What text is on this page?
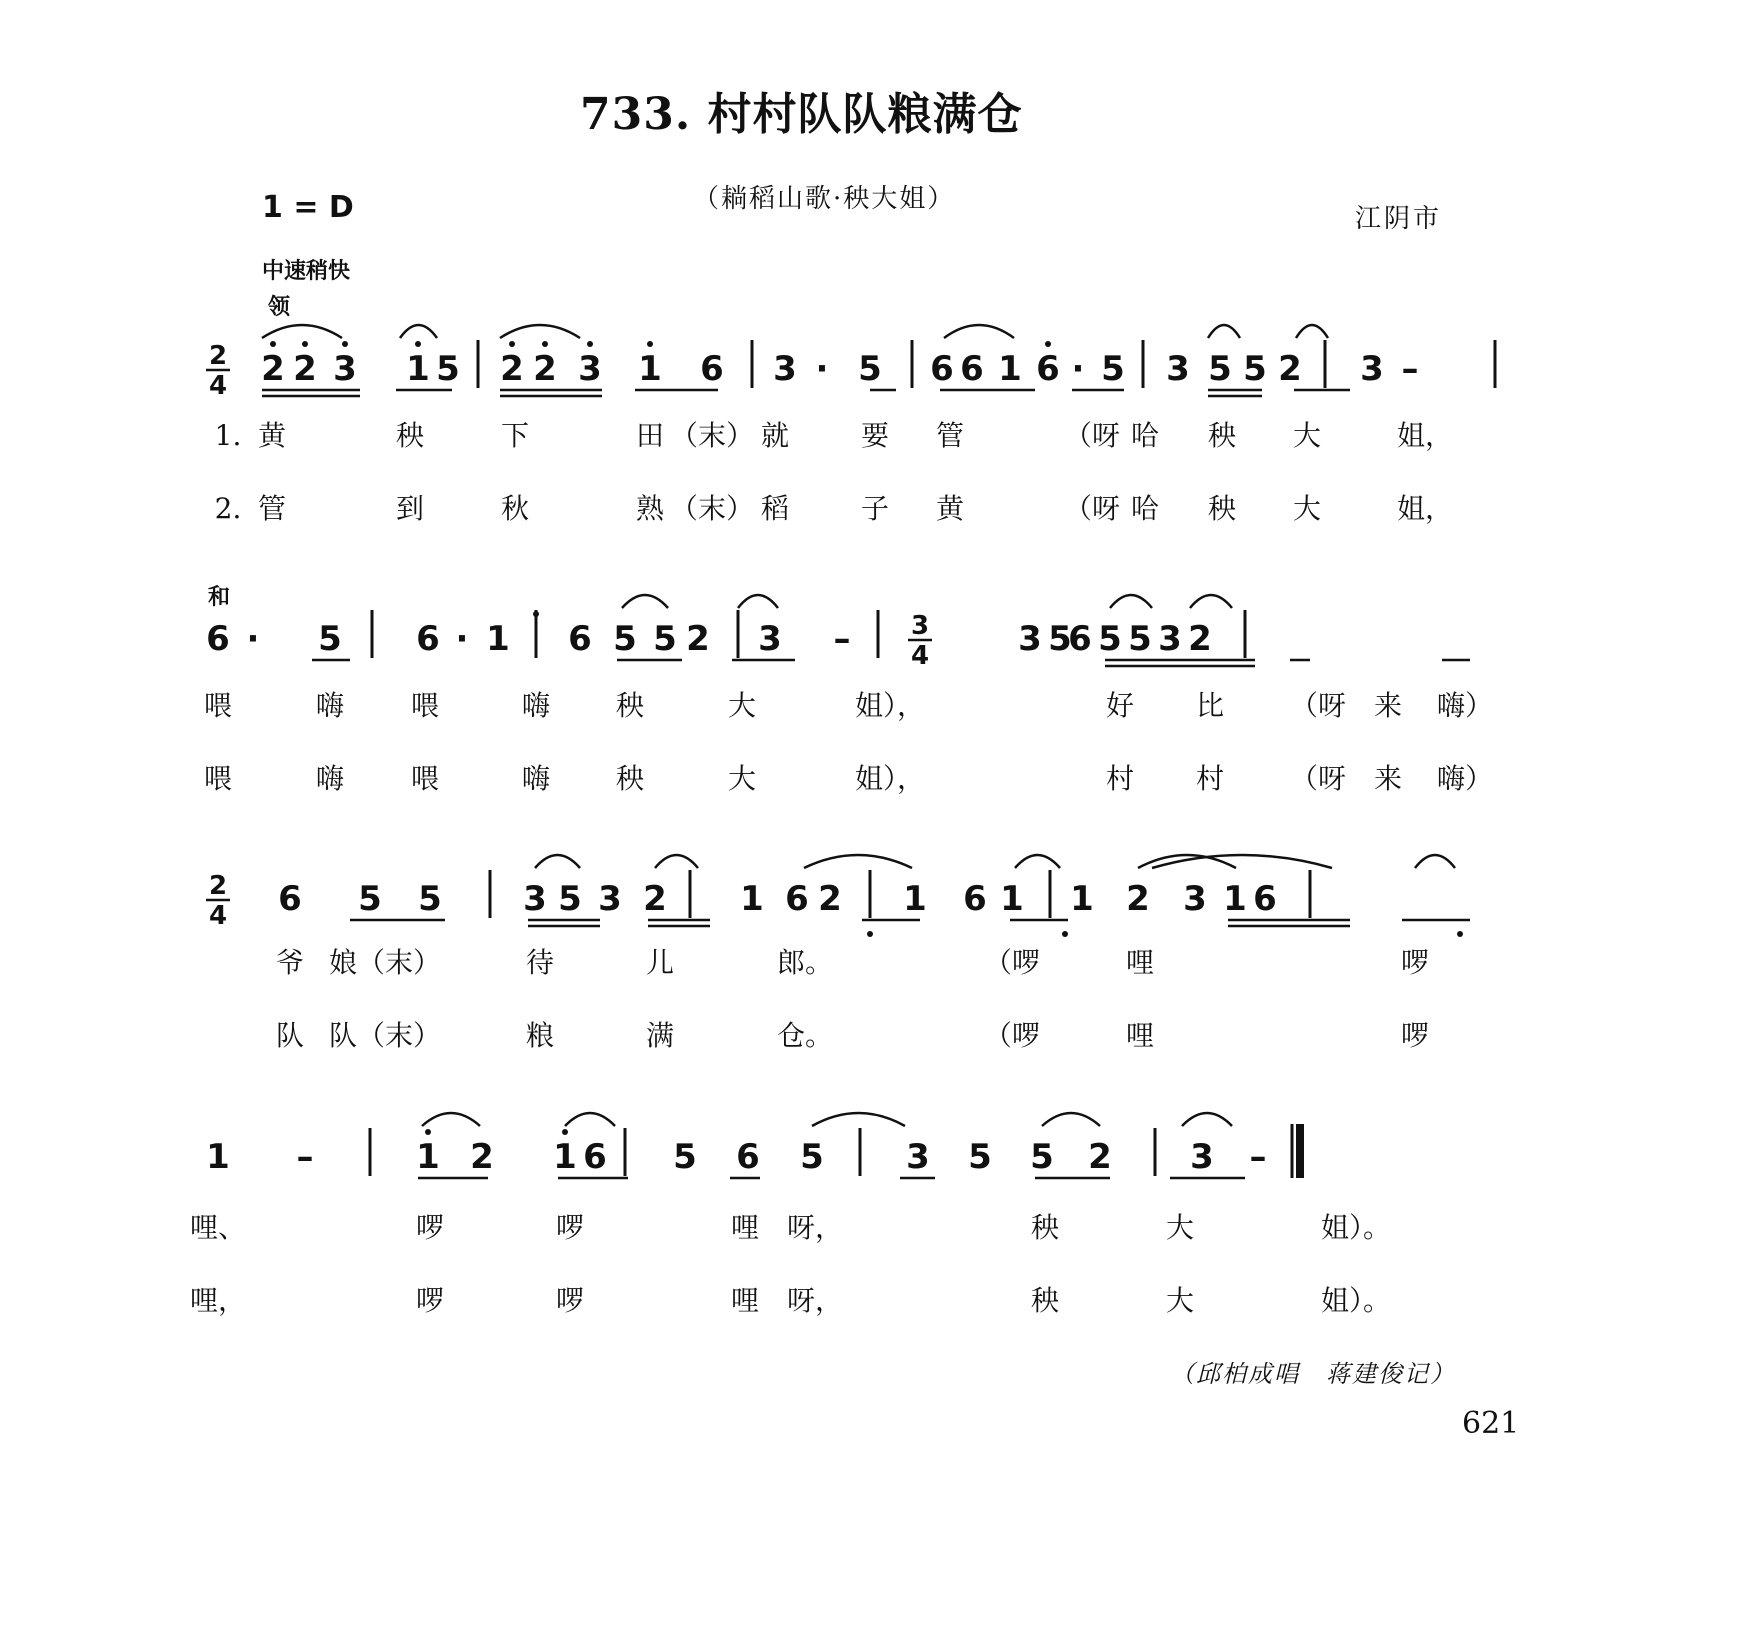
733. 村村队队粮满仓
（耥稻山歌·秧大姐）
江阴市
1 = D
中速稍快
领
和
（邱柏成唱　蒋建俊记）
621
2
4 2 2 3 1 5 2 2 3 1 6 3 · 5 6 6 1 6 · 5 3 5 5 2 3 –
1. 黄	秧	下	田 （末） 就	要 管	（呀 哈 秧 大	姐，
2. 管	到	秋	熟 （末） 稻	子 黄	（呀 哈 秧 大	姐，
6 · 5 6 · 1 6 5 5 2 3 – 3
4	3 5
6 5 5 3 2
喂	嗨 喂	嗨 秧	大	姐），	好 比 （呀 来 嗨）
喂	嗨 喂	嗨 秧	大	姐），	村 村 （呀 来 嗨）
2
4 6 5 5 3 5 3 2 1 6 2 1 6 1 1 2 3 1 6
爷 娘（末）	待	儿	郎。	（啰	哩	啰
队 队（末）	粮	满	仓。	（啰	哩	啰
1 –	1 2 1 6 5 6 5 3 5 5 2 3 –
哩、	啰	啰	哩 呀，	秧	大	姐）。
哩，	啰	啰	哩 呀，	秧	大	姐）。
